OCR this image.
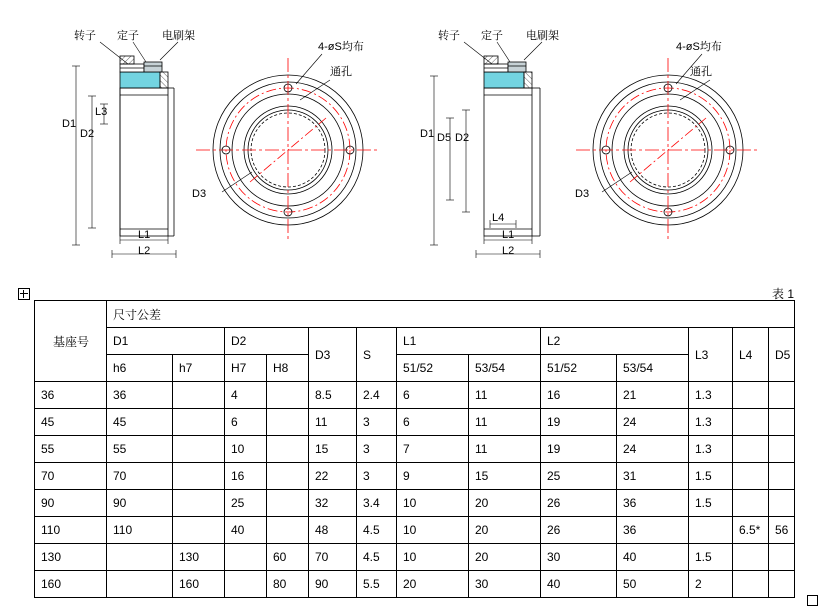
转子 定子 电刷架
D1
D2
L3
L1
L2
4-øS均布
通孔
D3
转子 定子 电刷架
D1 D5 D2
L4
L1
L2
4-øS均布
通孔
D3
表 1
基座号	尺寸公差												
	D1		D2		D3	S	L1		L2		L3	L4	D5
	h6	h7	H7	H8			51/52	53/54	51/52	53/54			
36	36		4		8.5	2.4	6	11	16	21	1.3		
45	45		6		11	3	6	11	19	24	1.3		
55	55		10		15	3	7	11	19	24	1.3		
70	70		16		22	3	9	15	25	31	1.5		
90	90		25		32	3.4	10	20	26	36	1.5		
110	110		40		48	4.5	10	20	26	36		6.5*	56
130		130		60	70	4.5	10	20	30	40	1.5		
160		160		80	90	5.5	20	30	40	50	2		
